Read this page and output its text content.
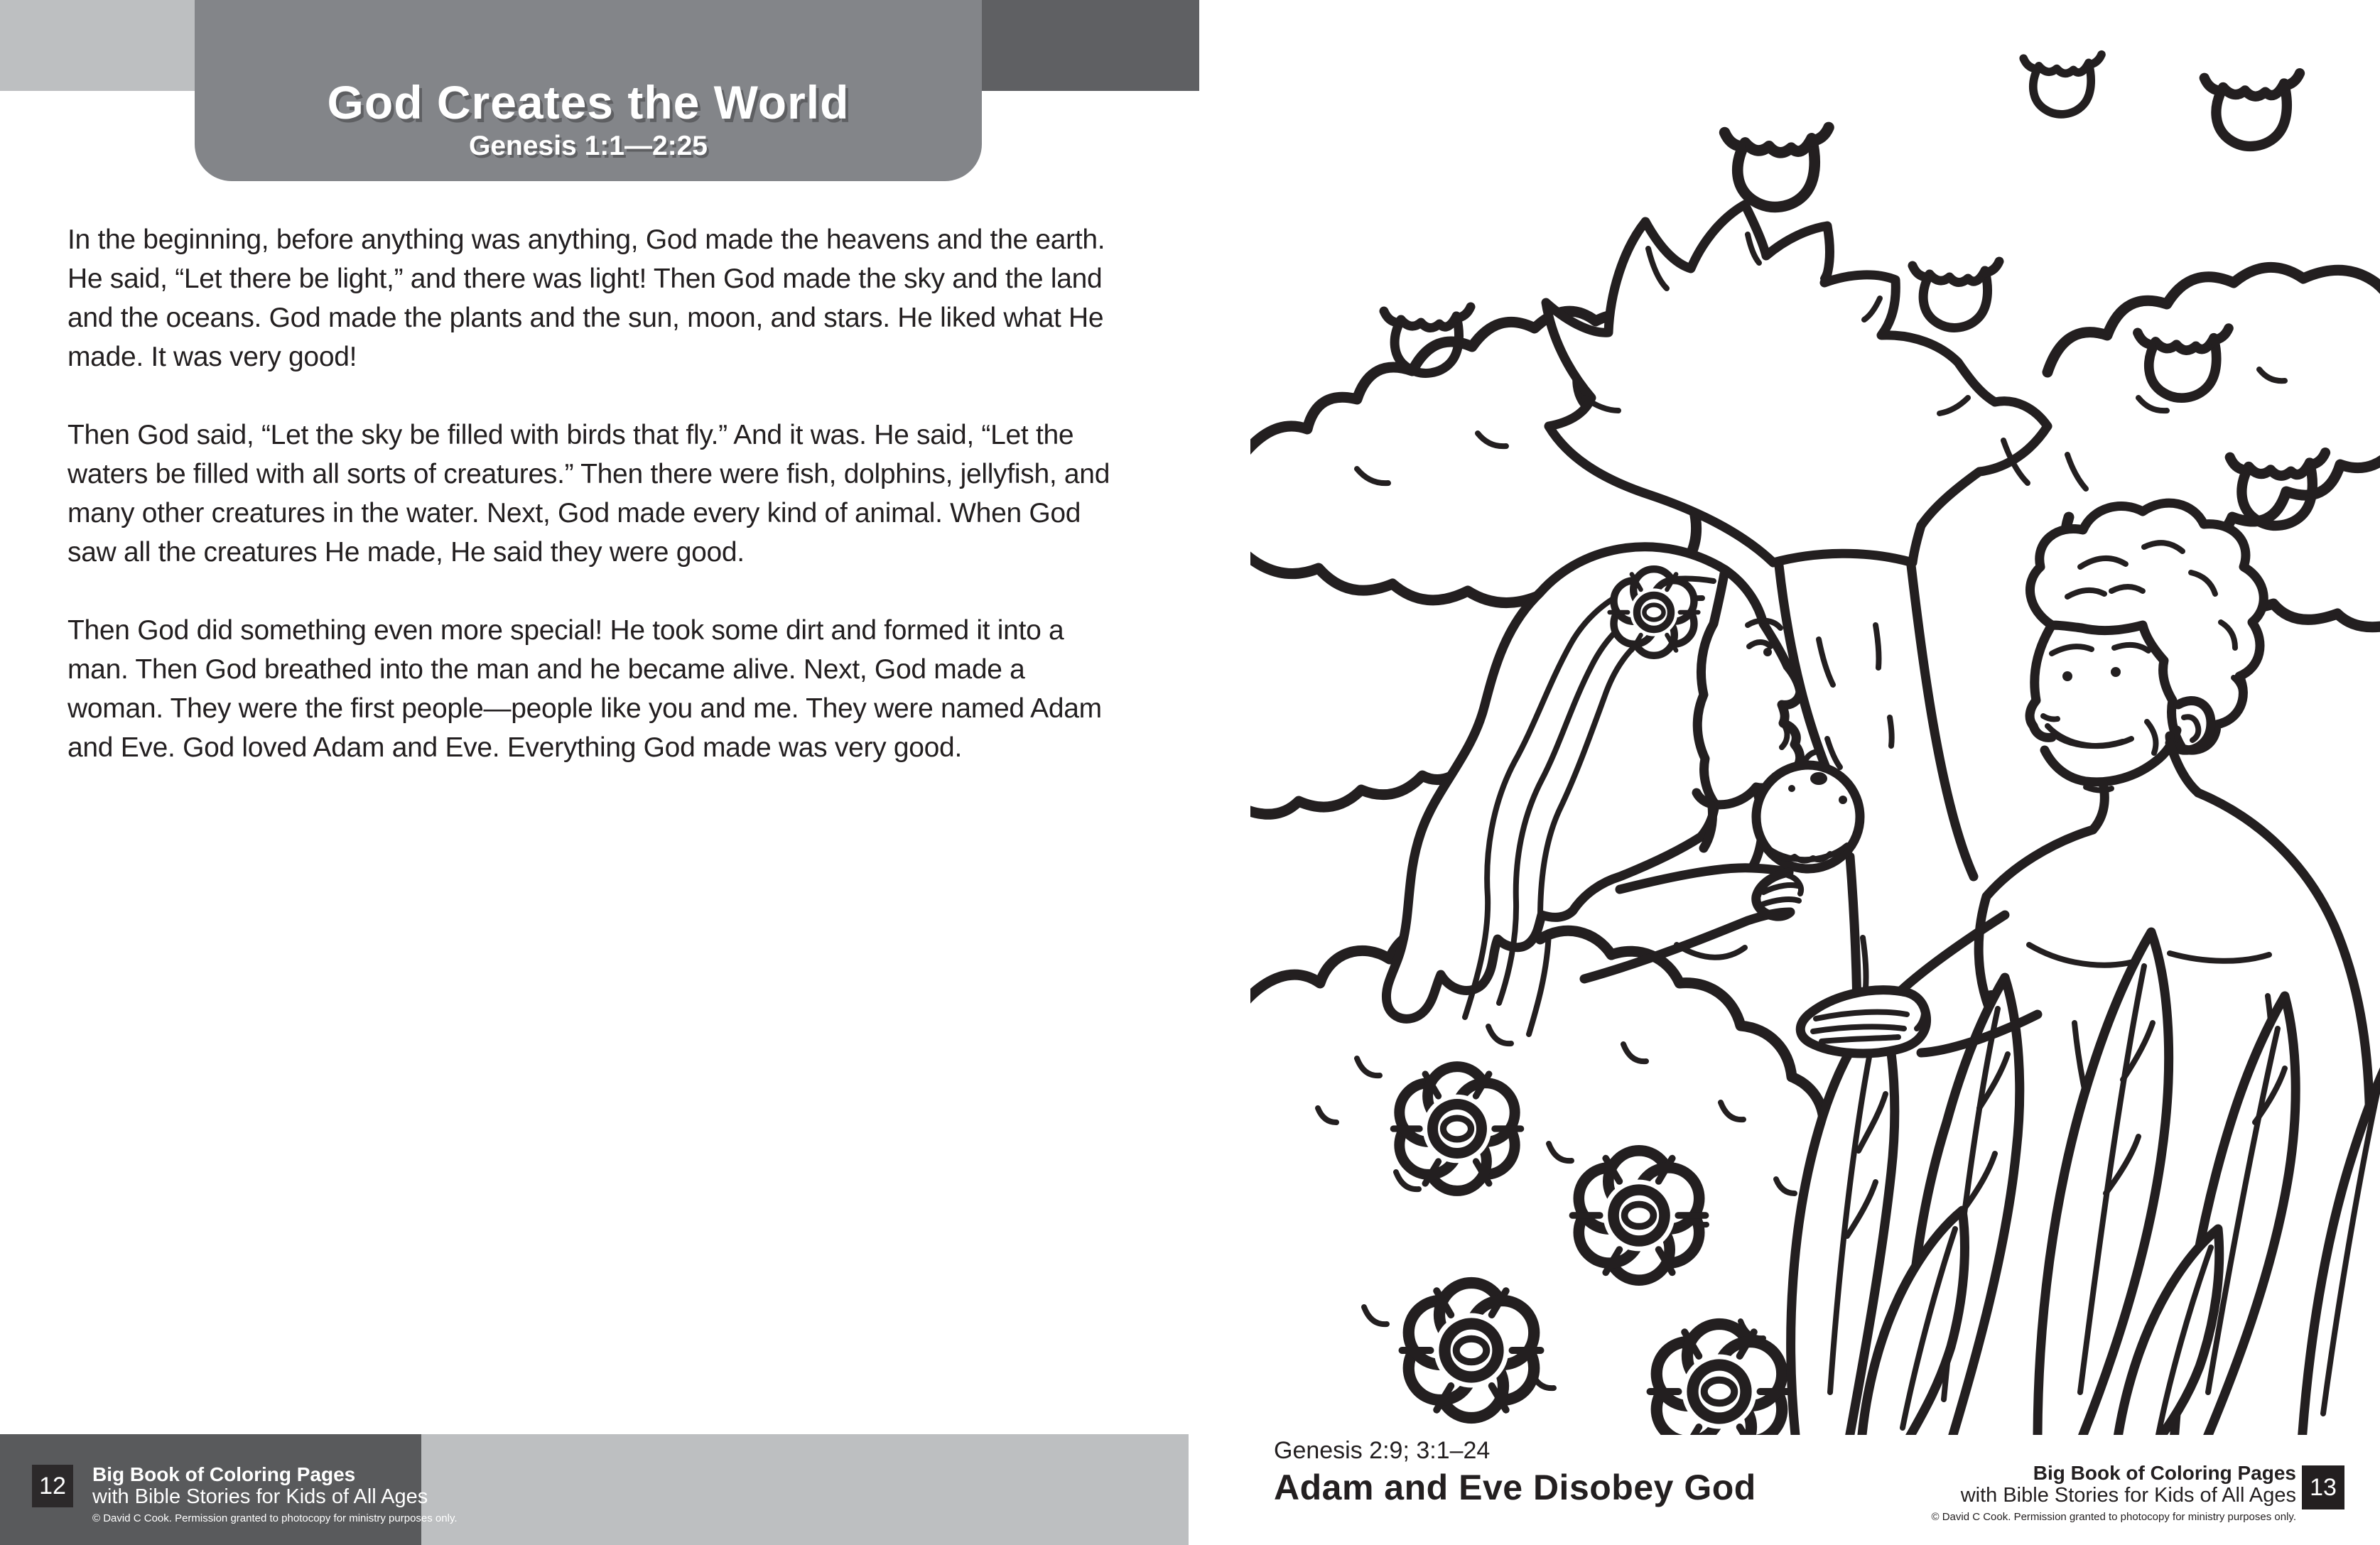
God Creates the World
Genesis 1:1—2:25

In the beginning, before anything was anything, God made the heavens and the earth. He said, “Let there be light,” and there was light! Then God made the sky and the land and the oceans. God made the plants and the sun, moon, and stars. He liked what He made. It was very good!

Then God said, “Let the sky be filled with birds that fly.” And it was. He said, “Let the waters be filled with all sorts of creatures.” Then there were fish, dolphins, jellyfish, and many other creatures in the water. Next, God made every kind of animal. When God saw all the creatures He made, He said they were good.

Then God did something even more special! He took some dirt and formed it into a man. Then God breathed into the man and he became alive. Next, God made a woman. They were the first people—people like you and me. They were named Adam and Eve. God loved Adam and Eve. Everything God made was very good.

12 Big Book of Coloring Pages
with Bible Stories for Kids of All Ages
© David C Cook. Permission granted to photocopy for ministry purposes only.
Genesis 2:9; 3:1–24
Adam and Eve Disobey God	Big Book of Coloring Pages
with Bible Stories for Kids of All Ages
© David C Cook. Permission granted to photocopy for ministry purposes only.
13
